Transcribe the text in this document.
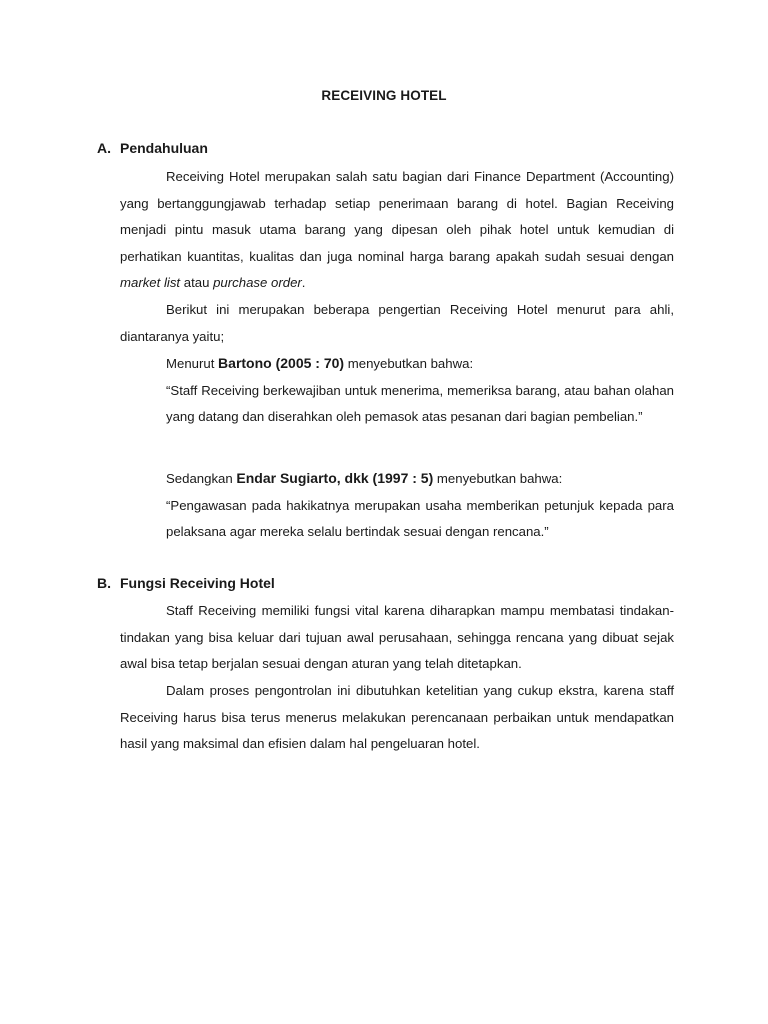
RECEIVING HOTEL
A. Pendahuluan
Receiving Hotel merupakan salah satu bagian dari Finance Department (Accounting) yang bertanggungjawab terhadap setiap penerimaan barang di hotel. Bagian Receiving menjadi pintu masuk utama barang yang dipesan oleh pihak hotel untuk kemudian di perhatikan kuantitas, kualitas dan juga nominal harga barang apakah sudah sesuai dengan market list atau purchase order.
Berikut ini merupakan beberapa pengertian Receiving Hotel menurut para ahli, diantaranya yaitu;
Menurut Bartono (2005 : 70) menyebutkan bahwa:
“Staff Receiving berkewajiban untuk menerima, memeriksa barang, atau bahan olahan yang datang dan diserahkan oleh pemasok atas pesanan dari bagian pembelian.”
Sedangkan Endar Sugiarto, dkk (1997 : 5) menyebutkan bahwa:
“Pengawasan pada hakikatnya merupakan usaha memberikan petunjuk kepada para pelaksana agar mereka selalu bertindak sesuai dengan rencana.”
B. Fungsi Receiving Hotel
Staff Receiving memiliki fungsi vital karena diharapkan mampu membatasi tindakan-tindakan yang bisa keluar dari tujuan awal perusahaan, sehingga rencana yang dibuat sejak awal bisa tetap berjalan sesuai dengan aturan yang telah ditetapkan.
Dalam proses pengontrolan ini dibutuhkan ketelitian yang cukup ekstra, karena staff Receiving harus bisa terus menerus melakukan perencanaan perbaikan untuk mendapatkan hasil yang maksimal dan efisien dalam hal pengeluaran hotel.
